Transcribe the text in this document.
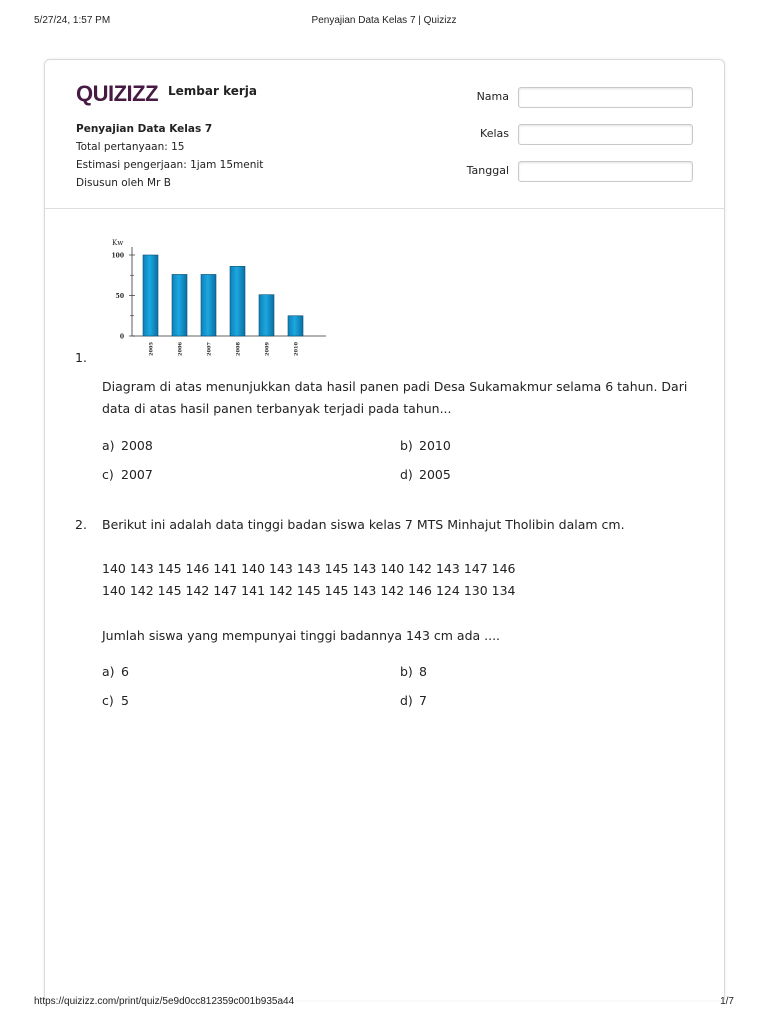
5/27/24, 1:57 PM	Penyajian Data Kelas 7 | Quizizz
QUIZIZZ Lembar kerja
Penyajian Data Kelas 7
Total pertanyaan: 15
Estimasi pengerjaan: 1jam 15menit
Disusun oleh Mr B
Nama
Kelas
Tanggal
Kw
0
50
100
2005	2006	2007	2008	2009	2010
1.
Diagram di atas menunjukkan data hasil panen padi Desa Sukamakmur selama 6 tahun. Dari data di atas hasil panen terbanyak terjadi pada tahun...
a) 2008	b) 2010
c) 2007	d) 2005
2. Berikut ini adalah data tinggi badan siswa kelas 7 MTS Minhajut Tholibin dalam cm.
140 143 145 146 141 140 143 143 145 143 140 142 143 147 146
140 142 145 142 147 141 142 145 145 143 142 146 124 130 134
Jumlah siswa yang mempunyai tinggi badannya 143 cm ada ....
a) 6	b) 8
c) 5	d) 7
https://quizizz.com/print/quiz/5e9d0cc812359c001b935a44	1/7
